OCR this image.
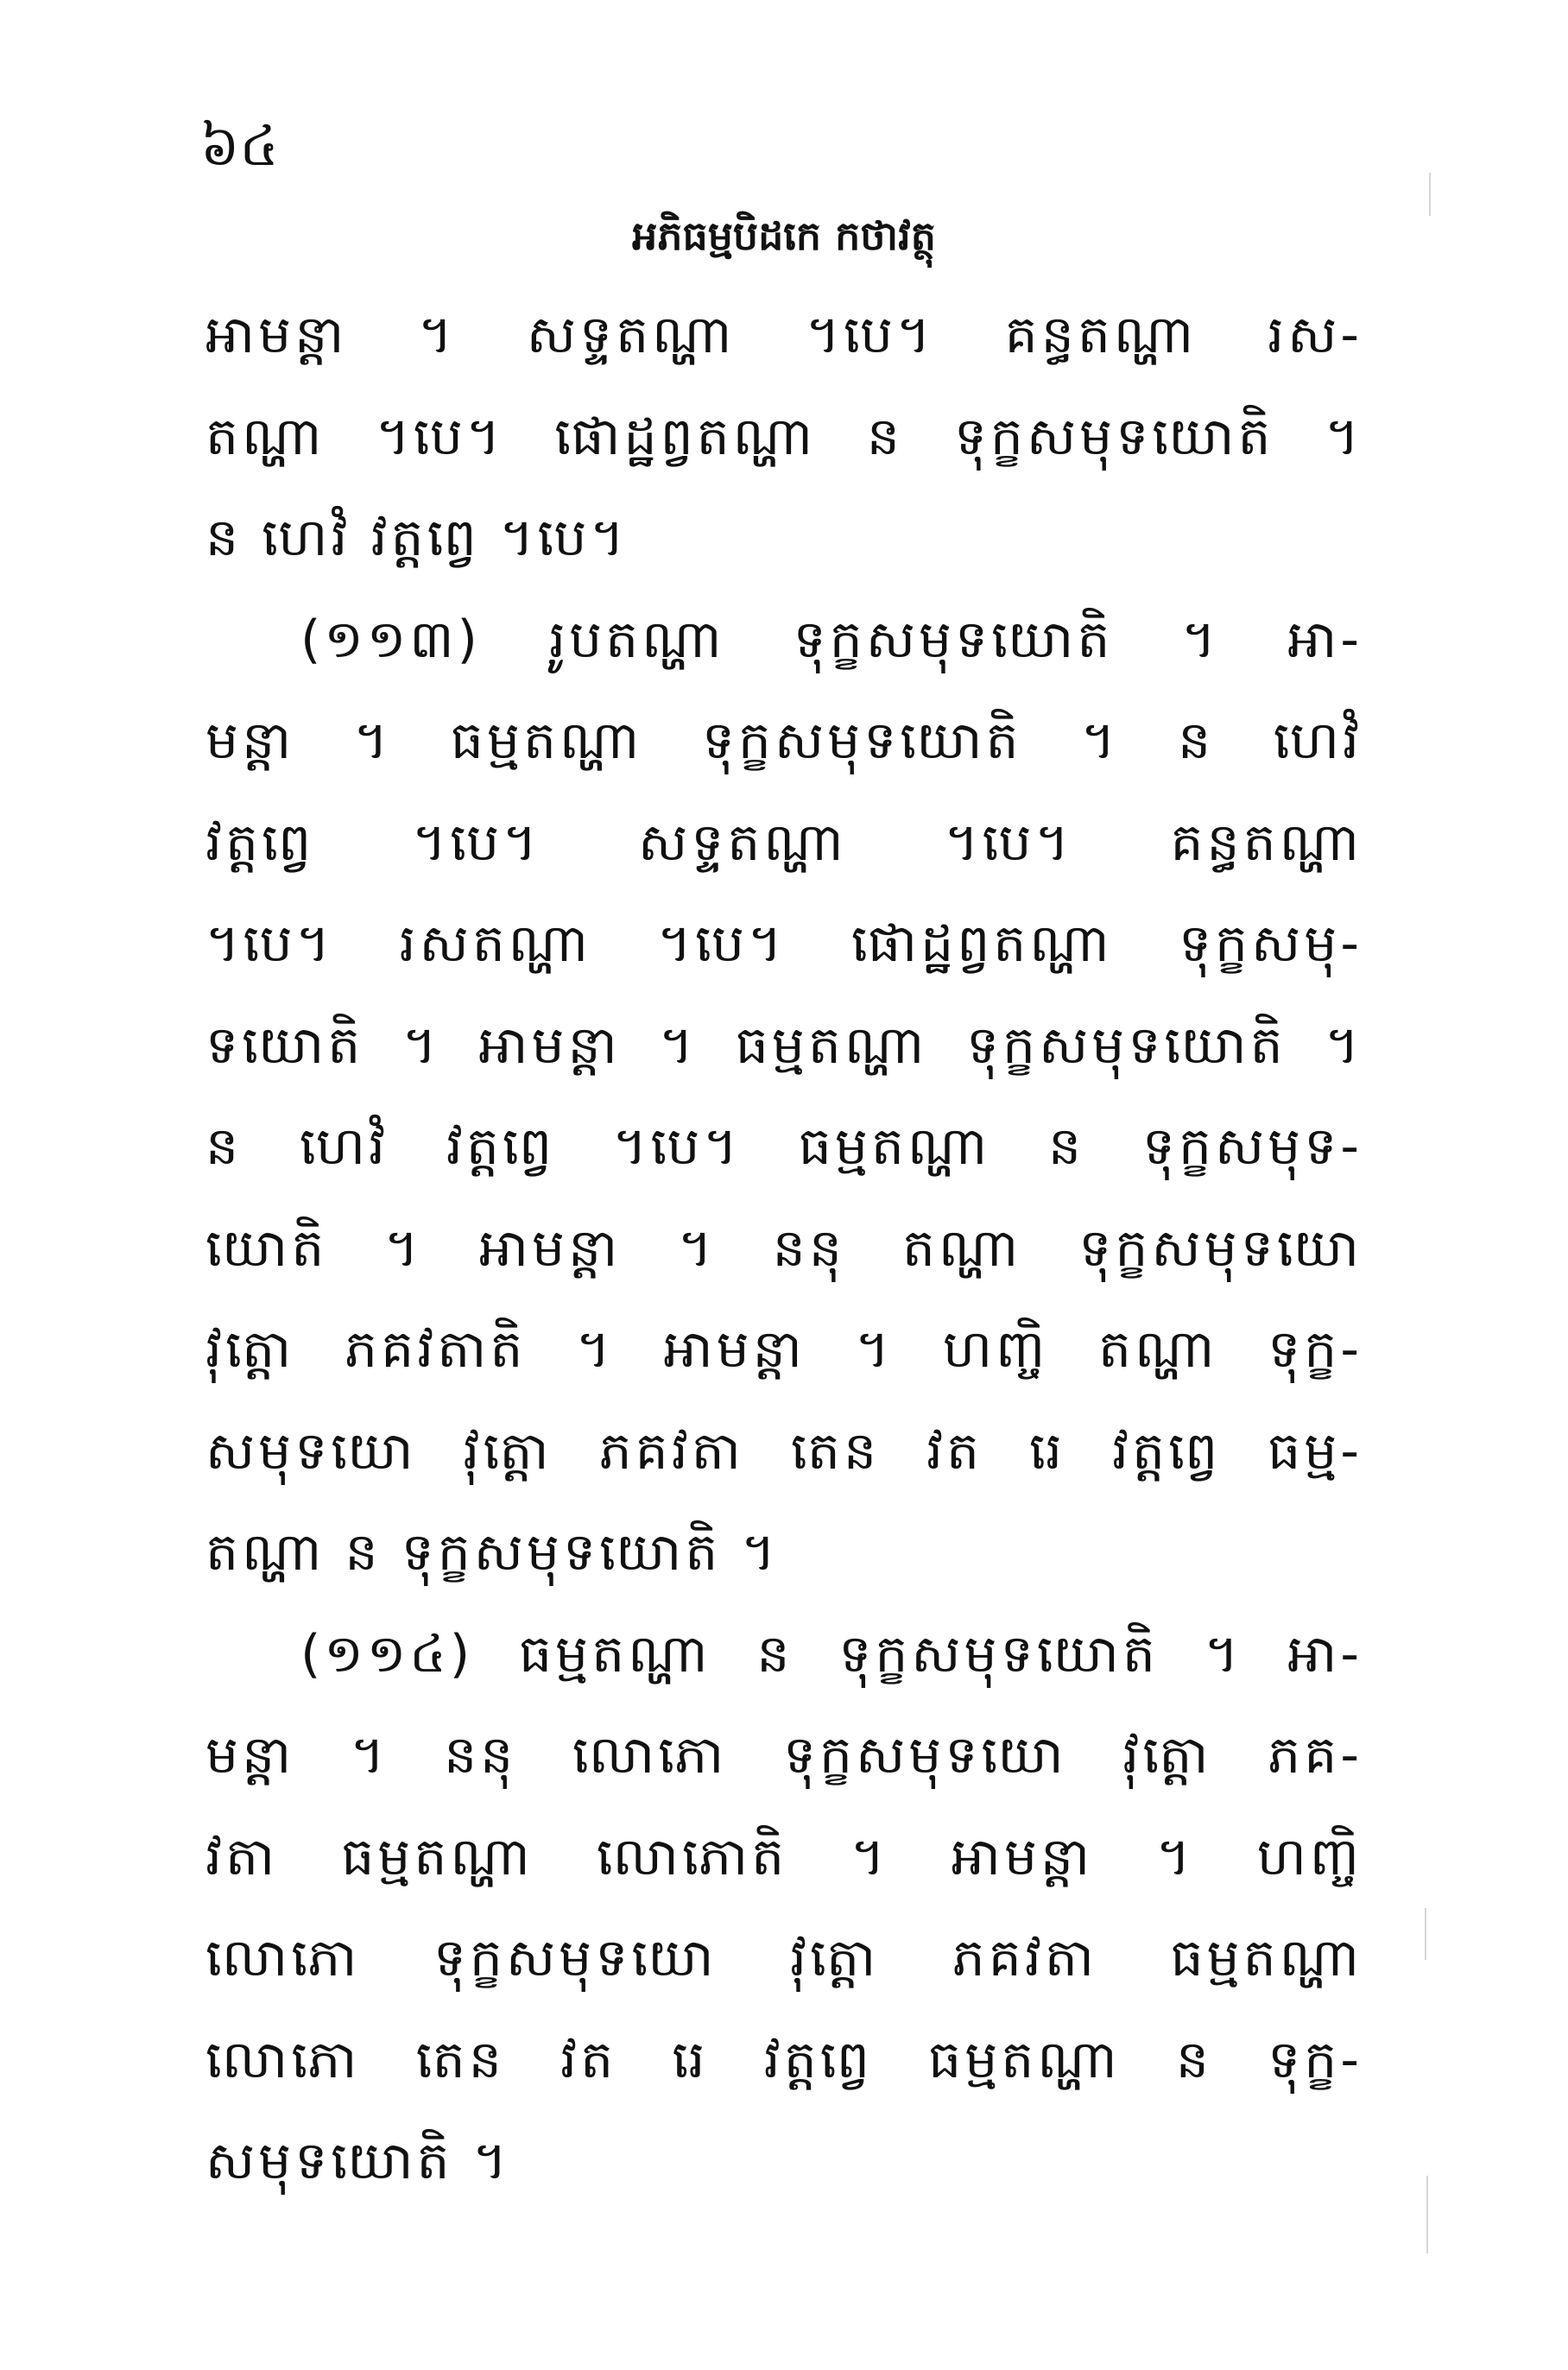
៦៤
អភិធម្មបិដកេ កថាវត្ថុ
អាមន្តា ។ សទ្ទតណ្ហា ។បេ។ គន្ធតណ្ហា រស-
តណ្ហា ។បេ។ ផោដ្ឋព្វតណ្ហា ន ទុក្ខសមុទយោតិ ។
ន ហេវំ វត្តព្វេ ។បេ។
(១១៣) រូបតណ្ហា ទុក្ខសមុទយោតិ ។ អា-
មន្តា ។ ធម្មតណ្ហា ទុក្ខសមុទយោតិ ។ ន ហេវំ
វត្តព្វេ ។បេ។ សទ្ទតណ្ហា ។បេ។ គន្ធតណ្ហា
។បេ។ រសតណ្ហា ។បេ។ ផោដ្ឋព្វតណ្ហា ទុក្ខសមុ-
ទយោតិ ។ អាមន្តា ។ ធម្មតណ្ហា ទុក្ខសមុទយោតិ ។
ន ហេវំ វត្តព្វេ ។បេ។ ធម្មតណ្ហា ន ទុក្ខសមុទ-
យោតិ ។ អាមន្តា ។ ននុ តណ្ហា ទុក្ខសមុទយោ
វុត្តោ ភគវតាតិ ។ អាមន្តា ។ ហញ្ចិ តណ្ហា ទុក្ខ-
សមុទយោ វុត្តោ ភគវតា តេន វត រេ វត្តព្វេ ធម្ម-
តណ្ហា ន ទុក្ខសមុទយោតិ ។
(១១៤) ធម្មតណ្ហា ន ទុក្ខសមុទយោតិ ។ អា-
មន្តា ។ ននុ លោភោ ទុក្ខសមុទយោ វុត្តោ ភគ-
វតា ធម្មតណ្ហា លោភោតិ ។ អាមន្តា ។ ហញ្ចិ
លោភោ ទុក្ខសមុទយោ វុត្តោ ភគវតា ធម្មតណ្ហា
លោភោ តេន វត រេ វត្តព្វេ ធម្មតណ្ហា ន ទុក្ខ-
សមុទយោតិ ។
